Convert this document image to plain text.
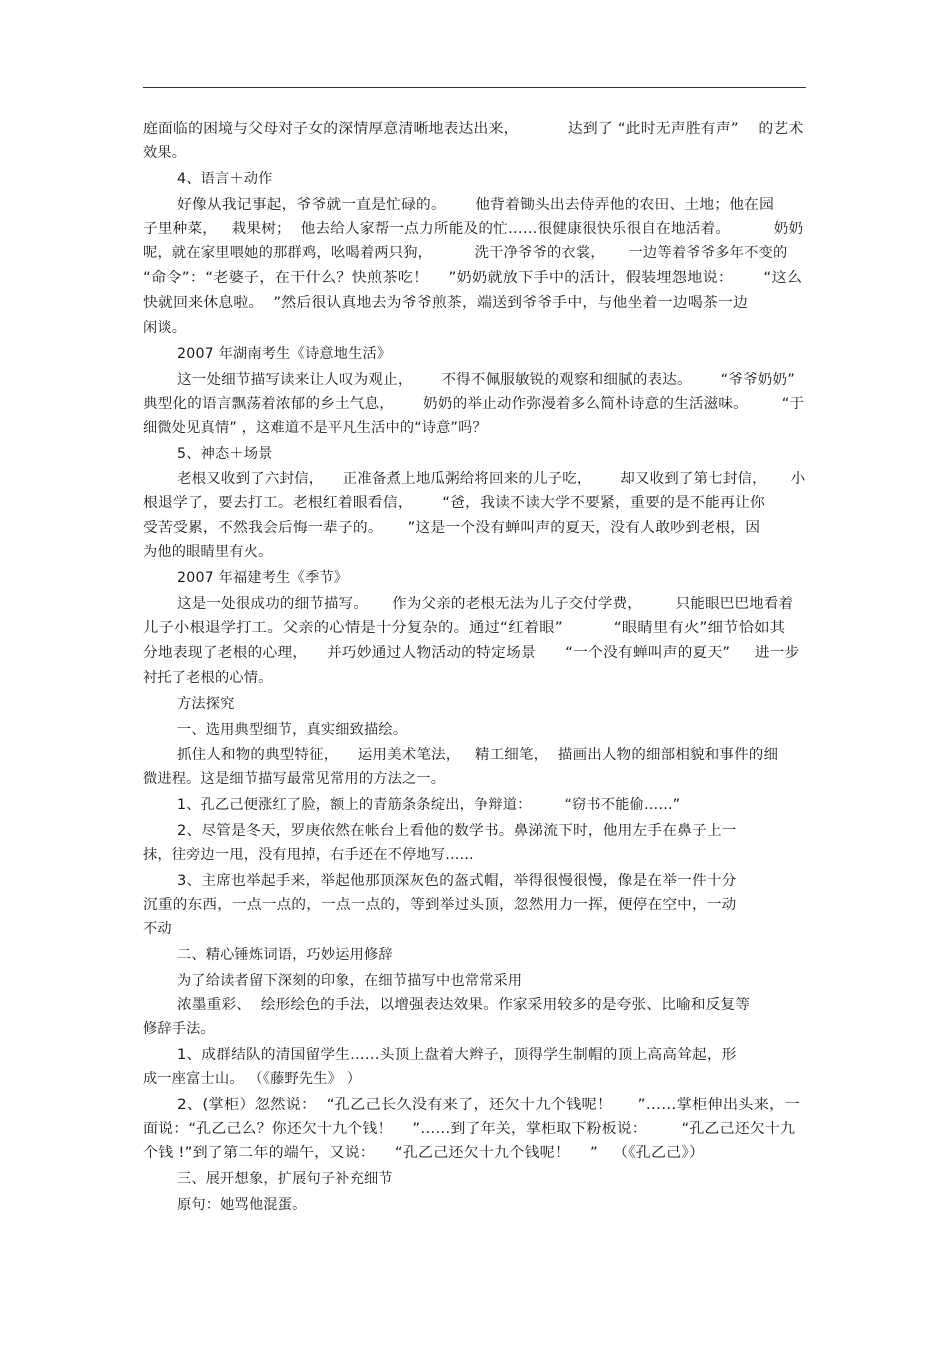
庭面临的困境与父母对子女的深情厚意清晰地表达出来，          达到了 “此时无声胜有声”    的艺术
效果。
4、语言＋动作
好像从我记事起，爷爷就一直是忙碌的。      他背着锄头出去侍弄他的农田、土地；他在园
子里种菜，   栽果树；  他去给人家帮一点力所能及的忙……很健康很快乐很自在地活着。         奶奶
呢，就在家里喂她的那群鸡，吆喝着两只狗，         洗干净爷爷的衣裳，     一边等着爷爷多年不变的
“命令”：“老婆子，在干什么？快煎茶吃！    ”奶奶就放下手中的活计，假装埋怨地说：      “这么
快就回来休息啦。  ”然后很认真地去为爷爷煎茶，端送到爷爷手中，与他坐着一边喝茶一边
闲谈。
2007 年湖南考生《诗意地生活》
这一处细节描写读来让人叹为观止，      不得不佩服敏锐的观察和细腻的表达。      “爷爷奶奶”
典型化的语言飘荡着浓郁的乡土气息，      奶奶的举止动作弥漫着多么简朴诗意的生活滋味。       “于
细微处见真情” ，这难道不是平凡生活中的“诗意”吗？
5、神态＋场景
老根又收到了六封信，    正准备煮上地瓜粥给将回来的儿子吃，      却又收到了第七封信，     小
根退学了，要去打工。老根红着眼看信，      “爸，我读不读大学不要紧，重要的是不能再让你
受苦受累，不然我会后悔一辈子的。     ”这是一个没有蝉叫声的夏天，没有人敢吵到老根，因
为他的眼睛里有火。
2007 年福建考生《季节》
这是一处很成功的细节描写。     作为父亲的老根无法为儿子交付学费，       只能眼巴巴地看着
儿子小根退学打工。父亲的心情是十分复杂的。通过“红着眼”          “眼睛里有火”细节恰如其
分地表现了老根的心理，    并巧妙通过人物活动的特定场景      “一个没有蝉叫声的夏天”     进一步
衬托了老根的心情。
方法探究
一、选用典型细节，真实细致描绘。
抓住人和物的典型特征，    运用美术笔法，   精工细笔，  描画出人物的细部相貌和事件的细
微进程。这是细节描写最常见常用的方法之一。
1、孔乙己便涨红了脸，额上的青筋条条绽出，争辩道：       “窃书不能偷……”
2、尽管是冬天，罗庚依然在帐台上看他的数学书。鼻涕流下时，他用左手在鼻子上一
抹，往旁边一甩，没有甩掉，右手还在不停地写……
3、主席也举起手来，举起他那顶深灰色的盔式帽，举得很慢很慢，像是在举一件十分
沉重的东西，一点一点的，一点一点的，等到举过头顶，忽然用力一挥，便停在空中，一动
不动
二、精心锤炼词语，巧妙运用修辞
为了给读者留下深刻的印象，在细节描写中也常常采用
浓墨重彩、  绘形绘色的手法，以增强表达效果。作家采用较多的是夸张、比喻和反复等
修辞手法。
1、成群结队的清国留学生……头顶上盘着大辫子，顶得学生制帽的顶上高高耸起，形
成一座富士山。 （《藤野先生》 ）
2、(掌柜）忽然说：  “孔乙己长久没有来了，还欠十九个钱呢！     ”……掌柜伸出头来，一
面说：“孔乙己么？你还欠十九个钱！    ”……到了年关，掌柜取下粉板说：       “孔乙己还欠十九
个钱 !”到了第二年的端午，又说：    “孔乙己还欠十九个钱呢！    ”   （《孔乙己》）
三、展开想象，扩展句子补充细节
原句：她骂他混蛋。
